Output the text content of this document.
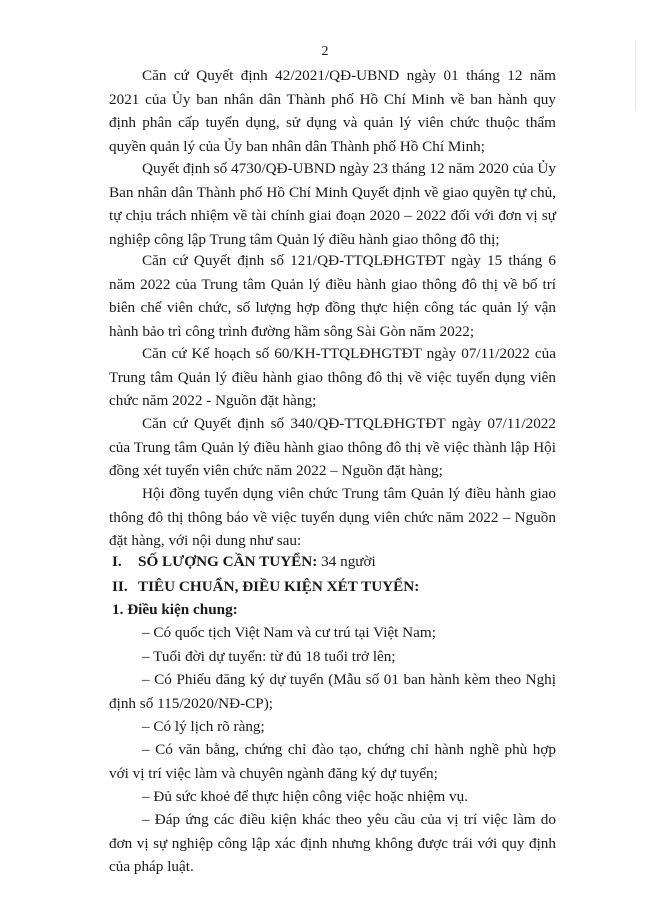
2

Căn cứ Quyết định 42/2021/QĐ-UBND ngày 01 tháng 12 năm 2021 của Ủy ban nhân dân Thành phố Hồ Chí Minh về ban hành quy định phân cấp tuyển dụng, sử dụng và quản lý viên chức thuộc thẩm quyền quản lý của Ủy ban nhân dân Thành phố Hồ Chí Minh;

Quyết định số 4730/QĐ-UBND ngày 23 tháng 12 năm 2020 của Ủy Ban nhân dân Thành phố Hồ Chí Minh Quyết định về giao quyền tự chủ, tự chịu trách nhiệm về tài chính giai đoạn 2020 – 2022 đối với đơn vị sự nghiệp công lập Trung tâm Quản lý điều hành giao thông đô thị;

Căn cứ Quyết định số 121/QĐ-TTQLĐHGTĐT ngày 15 tháng 6 năm 2022 của Trung tâm Quản lý điều hành giao thông đô thị về bố trí biên chế viên chức, số lượng hợp đồng thực hiện công tác quản lý vận hành bảo trì công trình đường hầm sông Sài Gòn năm 2022;

Căn cứ Kế hoạch số 60/KH-TTQLĐHGTĐT ngày 07/11/2022 của Trung tâm Quản lý điều hành giao thông đô thị về việc tuyển dụng viên chức năm 2022 - Nguồn đặt hàng;

Căn cứ Quyết định số 340/QĐ-TTQLĐHGTĐT ngày 07/11/2022 của Trung tâm Quản lý điều hành giao thông đô thị về việc thành lập Hội đồng xét tuyển viên chức năm 2022 – Nguồn đặt hàng;

Hội đồng tuyển dụng viên chức Trung tâm Quản lý điều hành giao thông đô thị thông báo về việc tuyển dụng viên chức năm 2022 – Nguồn đặt hàng, với nội dung như sau:

I. SỐ LƯỢNG CẦN TUYỂN: 34 người

II. TIÊU CHUẨN, ĐIỀU KIỆN XÉT TUYỂN:

1. Điều kiện chung:

– Có quốc tịch Việt Nam và cư trú tại Việt Nam;

– Tuổi đời dự tuyển: từ đủ 18 tuổi trở lên;

– Có Phiếu đăng ký dự tuyển (Mẫu số 01 ban hành kèm theo Nghị định số 115/2020/NĐ-CP);

– Có lý lịch rõ ràng;

– Có văn bằng, chứng chỉ đào tạo, chứng chỉ hành nghề phù hợp với vị trí việc làm và chuyên ngành đăng ký dự tuyển;

– Đủ sức khoẻ để thực hiện công việc hoặc nhiệm vụ.

– Đáp ứng các điều kiện khác theo yêu cầu của vị trí việc làm do đơn vị sự nghiệp công lập xác định nhưng không được trái với quy định của pháp luật.
